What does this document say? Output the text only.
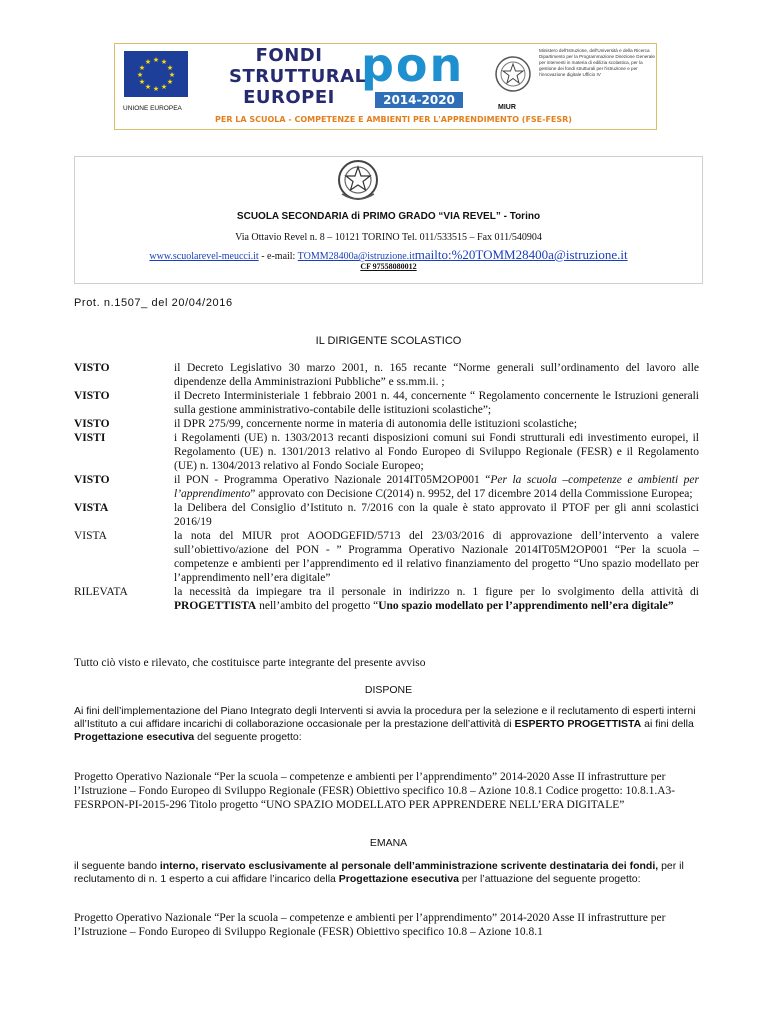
★ ★
★
★
★
★
★
★
★
★
★
★
UNIONE EUROPEA
FONDI STRUTTURALI EUROPEI
pon
2014-2020
Ministero dell'Istruzione, dell'Università e della Ricerca Dipartimento per la Programmazione Direzione Generale per interventi in materia di edilizia scolastica, per la gestione dei fondi strutturali per l'istruzione e per l'innovazione digitale Ufficio IV
MIUR
PER LA SCUOLA - COMPETENZE E AMBIENTI PER L'APPRENDIMENTO (FSE-FESR)
SCUOLA SECONDARIA di PRIMO GRADO “VIA REVEL” - Torino
Via Ottavio Revel n. 8 – 10121 TORINO Tel. 011/533515 – Fax 011/540904
www.scuolarevel-meucci.it - e-mail: TOMM28400a@istruzione.itmailto:%20TOMM28400a@istruzione.it
CF 97558080012
Prot. n.1507_ del 20/04/2016
IL DIRIGENTE SCOLASTICO
VISTO	il Decreto Legislativo 30 marzo 2001, n. 165 recante “Norme generali sull’ordinamento del lavoro alle dipendenze della Amministrazioni Pubbliche” e ss.mm.ii. ;
VISTO	il Decreto Interministeriale 1 febbraio 2001 n. 44, concernente “ Regolamento concernente le Istruzioni generali sulla gestione amministrativo-contabile delle istituzioni scolastiche”;
VISTO	il DPR 275/99, concernente norme in materia di autonomia delle istituzioni scolastiche;
VISTI	i Regolamenti (UE) n. 1303/2013 recanti disposizioni comuni sui Fondi strutturali edi investimento europei, il Regolamento (UE) n. 1301/2013 relativo al Fondo Europeo di Sviluppo Regionale (FESR) e il Regolamento (UE) n. 1304/2013 relativo al Fondo Sociale Europeo;
VISTO	il PON - Programma Operativo Nazionale 2014IT05M2OP001 “Per la scuola –competenze e ambienti per l’apprendimento” approvato con Decisione C(2014) n. 9952, del 17 dicembre 2014 della Commissione Europea;
VISTA	la Delibera del Consiglio d’Istituto n. 7/2016 con la quale è stato approvato il PTOF per gli anni scolastici 2016/19
VISTA	la nota del MIUR prot AOODGEFID/5713 del 23/03/2016 di approvazione dell’intervento a valere sull’obiettivo/azione del PON - ” Programma Operativo Nazionale 2014IT05M2OP001 “Per la scuola – competenze e ambienti per l’apprendimento ed il relativo finanziamento del progetto “Uno spazio modellato per l’apprendimento nell’era digitale”
RILEVATA	la necessità da impiegare tra il personale in indirizzo n. 1 figure per lo svolgimento della attività di PROGETTISTA nell’ambito del progetto “Uno spazio modellato per l’apprendimento nell’era digitale”
Tutto ciò visto e rilevato, che costituisce parte integrante del presente avviso
DISPONE
Ai fini dell’implementazione del Piano Integrato degli Interventi si avvia la procedura per la selezione e il reclutamento di esperti interni all’Istituto a cui affidare incarichi di collaborazione occasionale per la prestazione dell’attività di ESPERTO PROGETTISTA ai fini della Progettazione esecutiva del seguente progetto:
Progetto Operativo Nazionale “Per la scuola – competenze e ambienti per l’apprendimento” 2014-2020 Asse II infrastrutture per l’Istruzione – Fondo Europeo di Sviluppo Regionale (FESR) Obiettivo specifico 10.8 – Azione 10.8.1 Codice progetto: 10.8.1.A3- FESRPON-PI-2015-296 Titolo progetto “UNO SPAZIO MODELLATO PER APPRENDERE NELL’ERA DIGITALE”
EMANA
il seguente bando interno, riservato esclusivamente al personale dell’amministrazione scrivente destinataria dei fondi, per il reclutamento di n. 1 esperto a cui affidare l’incarico della Progettazione esecutiva per l’attuazione del seguente progetto:
Progetto Operativo Nazionale “Per la scuola – competenze e ambienti per l’apprendimento” 2014-2020 Asse II infrastrutture per l’Istruzione – Fondo Europeo di Sviluppo Regionale (FESR) Obiettivo specifico 10.8 – Azione 10.8.1
